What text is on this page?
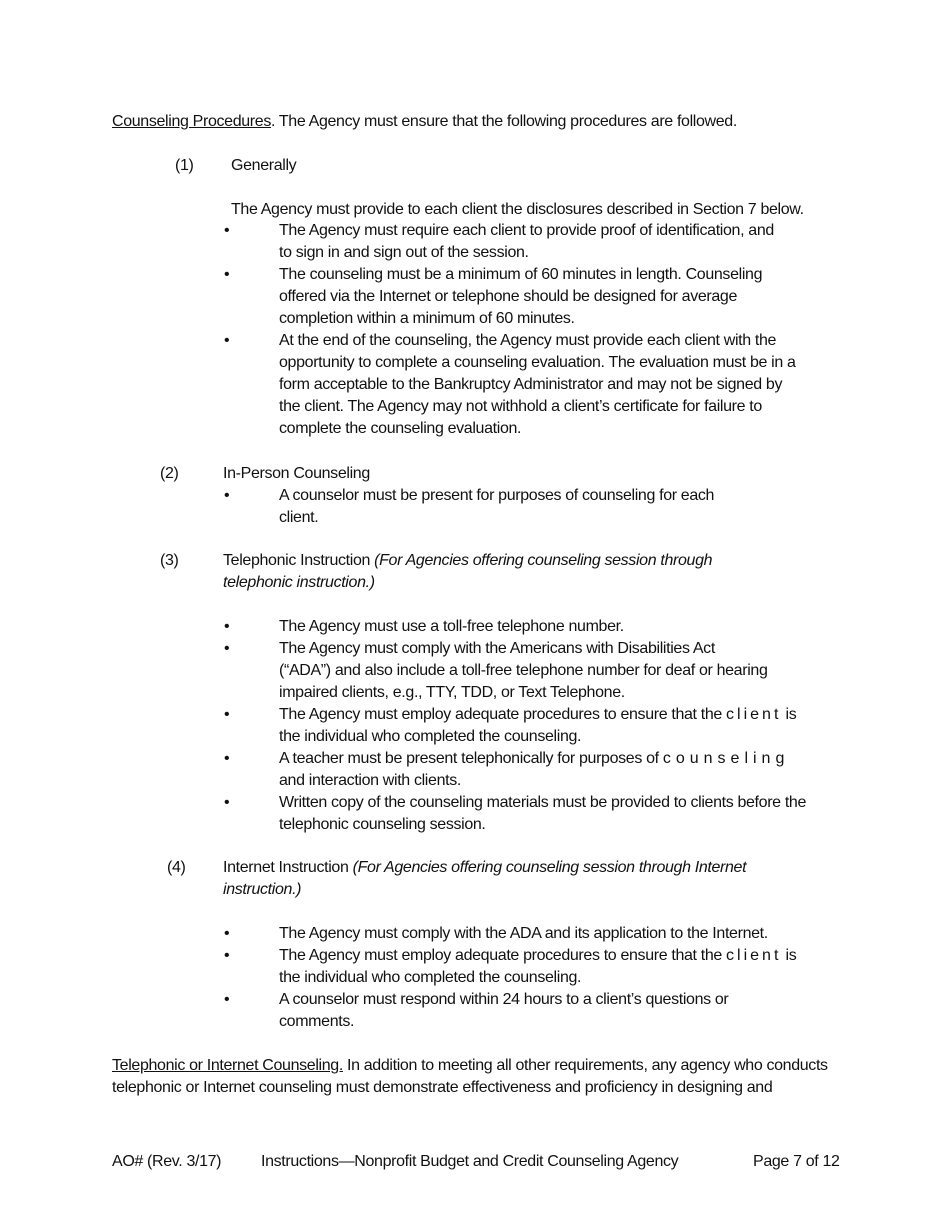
Counseling Procedures. The Agency must ensure that the following procedures are followed.
(1) Generally
The Agency must provide to each client the disclosures described in Section 7 below.
•	The Agency must require each client to provide proof of identification, and
to sign in and sign out of the session.
•	The counseling must be a minimum of 60 minutes in length. Counseling
offered via the Internet or telephone should be designed for average
completion within a minimum of 60 minutes.
•	At the end of the counseling, the Agency must provide each client with the
opportunity to complete a counseling evaluation. The evaluation must be in a
form acceptable to the Bankruptcy Administrator and may not be signed by
the client. The Agency may not withhold a client’s certificate for failure to
complete the counseling evaluation.
(2)	In-Person Counseling
•	A counselor must be present for purposes of counseling for each
client.
(3)	Telephonic Instruction (For Agencies offering counseling session through
telephonic instruction.)
•	The Agency must use a toll-free telephone number.
•	The Agency must comply with the Americans with Disabilities Act
(“ADA”) and also include a toll-free telephone number for deaf or hearing
impaired clients, e.g., TTY, TDD, or Text Telephone.
•	The Agency must employ adequate procedures to ensure that the client is
the individual who completed the counseling.
•	A teacher must be present telephonically for purposes of counseling
and interaction with clients.
•	Written copy of the counseling materials must be provided to clients before the
telephonic counseling session.
(4) Internet Instruction (For Agencies offering counseling session through Internet
instruction.)
•	The Agency must comply with the ADA and its application to the Internet.
•	The Agency must employ adequate procedures to ensure that the client is
the individual who completed the counseling.
•	A counselor must respond within 24 hours to a client’s questions or
comments.
Telephonic or Internet Counseling. In addition to meeting all other requirements, any agency who conducts
telephonic or Internet counseling must demonstrate effectiveness and proficiency in designing and
AO# (Rev. 3/17) Instructions—Nonprofit Budget and Credit Counseling Agency	Page 7 of 12
